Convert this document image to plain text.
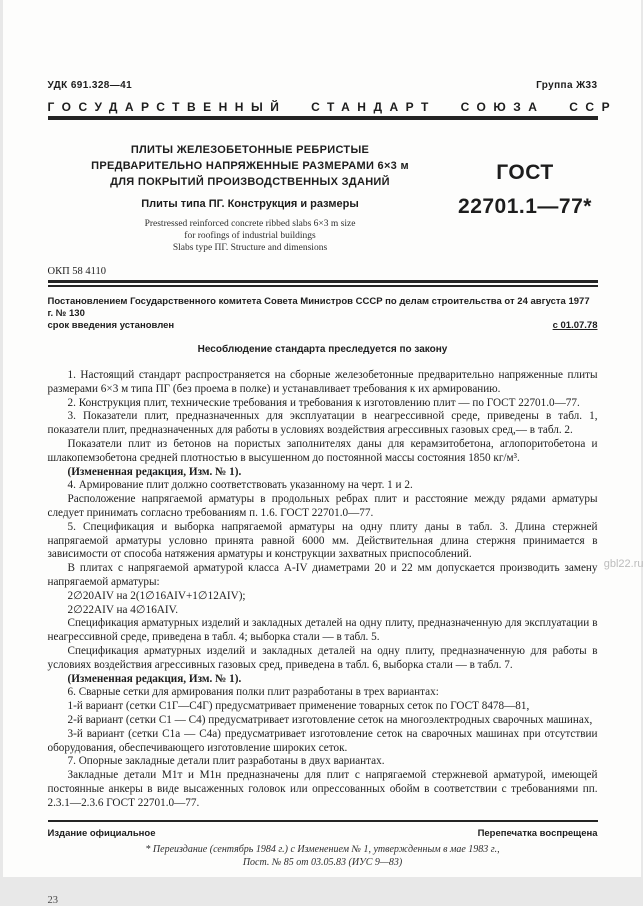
УДК 691.328—41	Группа Ж33
ГОСУДАРСТВЕННЫЙ СТАНДАРТ СОЮЗА ССР
ПЛИТЫ ЖЕЛЕЗОБЕТОННЫЕ РЕБРИСТЫЕ
ПРЕДВАРИТЕЛЬНО НАПРЯЖЕННЫЕ РАЗМЕРАМИ 6×3 м
ДЛЯ ПОКРЫТИЙ ПРОИЗВОДСТВЕННЫХ ЗДАНИЙ
Плиты типа ПГ. Конструкция и размеры
Prestressed reinforced concrete ribbed slabs 6×3 m size
for roofings of industrial buildings
Slabs type ПГ. Structure and dimensions
ГОСТ
22701.1—77*
ОКП 58 4110
Постановлением Государственного комитета Совета Министров СССР по делам строительства от 24 августа 1977 г. № 130
срок введения установлен	с 01.07.78
Несоблюдение стандарта преследуется по закону

1. Настоящий стандарт распространяется на сборные железобетонные предварительно напряженные плиты размерами 6×3 м типа ПГ (без проема в полке) и устанавливает требования к их армированию.

2. Конструкция плит, технические требования и требования к изготовлению плит — по ГОСТ 22701.0—77.

3. Показатели плит, предназначенных для эксплуатации в неагрессивной среде, приведены в табл. 1, показатели плит, предназначенных для работы в условиях воздействия агрессивных газовых сред,— в табл. 2.

Показатели плит из бетонов на пористых заполнителях даны для керамзитобетона, аглопоритобетона и шлакопемзобетона средней плотностью в высушенном до постоянной массы состояния 1850 кг/м³.

(Измененная редакция, Изм. № 1).

4. Армирование плит должно соответствовать указанному на черт. 1 и 2.

Расположение напрягаемой арматуры в продольных ребрах плит и расстояние между рядами арматуры следует принимать согласно требованиям п. 1.6. ГОСТ 22701.0—77.

5. Спецификация и выборка напрягаемой арматуры на одну плиту даны в табл. 3. Длина стержней напрягаемой арматуры условно принята равной 6000 мм. Действительная длина стержня принимается в зависимости от способа натяжения арматуры и конструкции захватных приспособлений.

В плитах с напрягаемой арматурой класса А-IV диаметрами 20 и 22 мм допускается производить замену напрягаемой арматуры:

2∅20АIV на 2(1∅16АIV+1∅12АIV);

2∅22АIV на 4∅16АIV.

Спецификация арматурных изделий и закладных деталей на одну плиту, предназначенную для эксплуатации в неагрессивной среде, приведена в табл. 4; выборка стали — в табл. 5.

Спецификация арматурных изделий и закладных деталей на одну плиту, предназначенную для работы в условиях воздействия агрессивных газовых сред, приведена в табл. 6, выборка стали — в табл. 7.

(Измененная редакция, Изм. № 1).

6. Сварные сетки для армирования полки плит разработаны в трех вариантах:

1-й вариант (сетки С1Г—С4Г) предусматривает применение товарных сеток по ГОСТ 8478—81,

2-й вариант (сетки С1 — С4) предусматривает изготовление сеток на многоэлектродных сварочных машинах,

3-й вариант (сетки С1а — С4а) предусматривает изготовление сеток на сварочных машинах при отсутствии оборудования, обеспечивающего изготовление широких сеток.

7. Опорные закладные детали плит разработаны в двух вариантах.

Закладные детали М1т и М1н предназначены для плит с напрягаемой стержневой арматурой, имеющей постоянные анкеры в виде высаженных головок или опрессованных обойм в соответствии с требованиями пп. 2.3.1—2.3.6 ГОСТ 22701.0—77.

Издание официальное	Перепечатка воспрещена
* Переиздание (сентябрь 1984 г.) с Изменением № 1, утвержденным в мае 1983 г.,
Пост. № 85 от 03.05.83 (ИУС 9—83)
23
gbl22.ru
